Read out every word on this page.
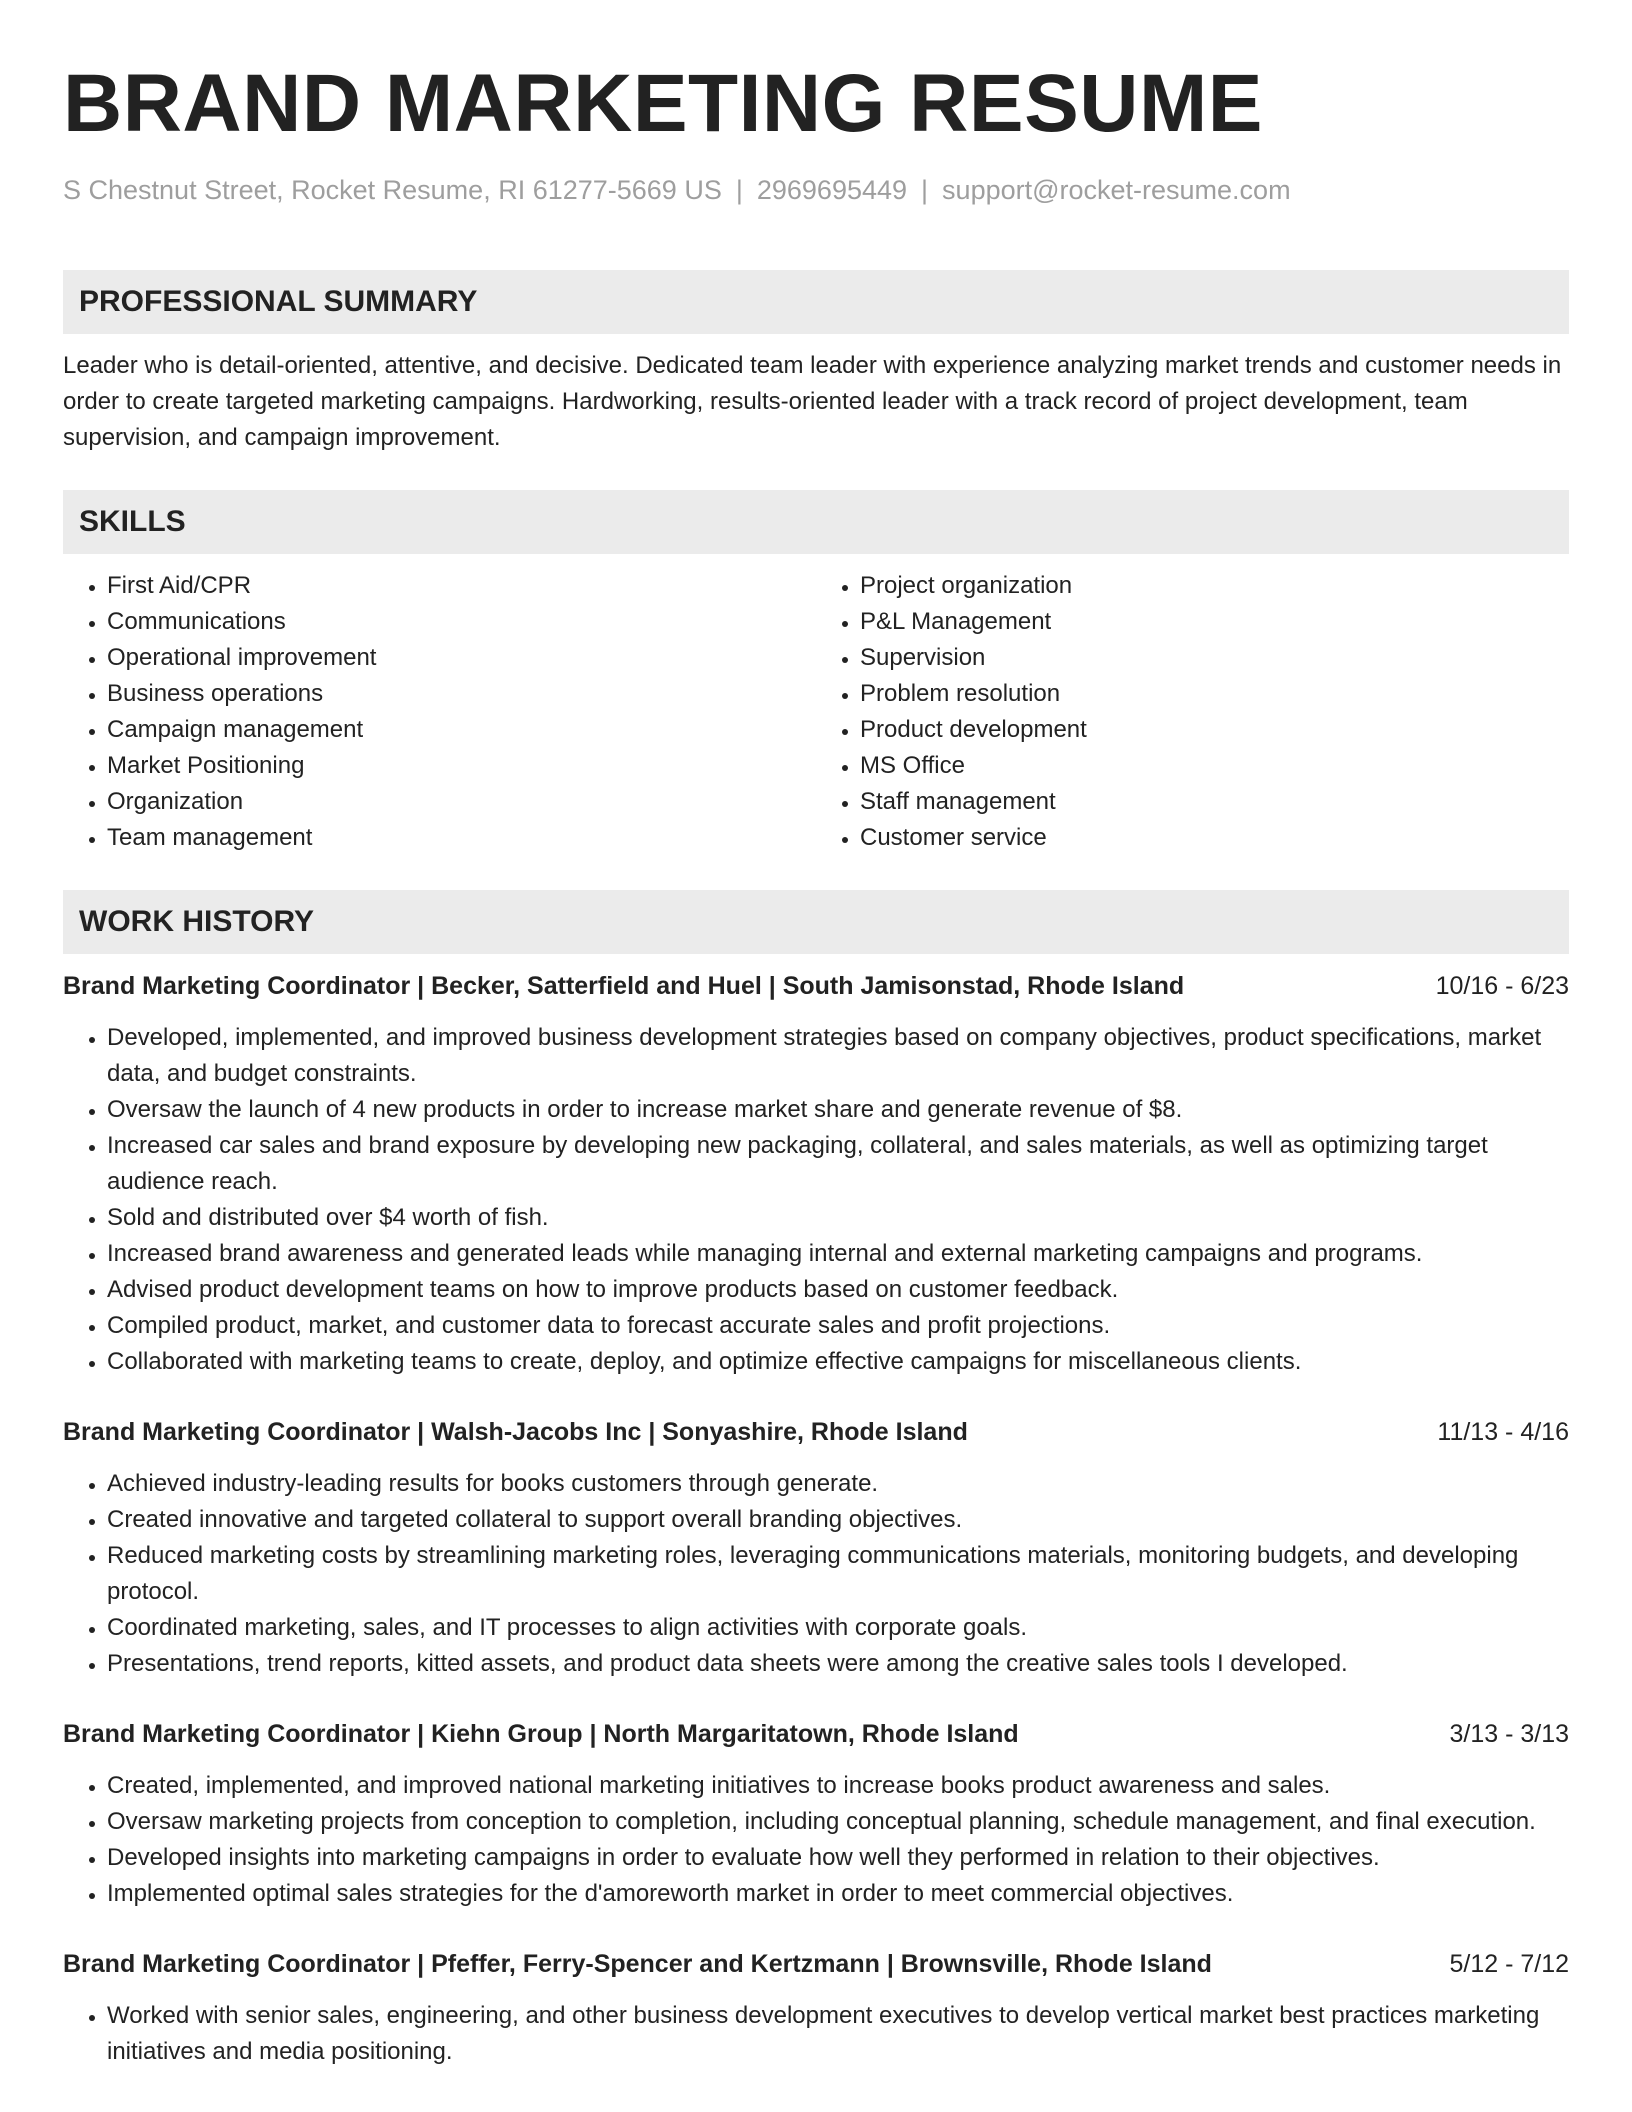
BRAND MARKETING RESUME
S Chestnut Street, Rocket Resume, RI 61277-5669 US | 2969695449 | support@rocket-resume.com
PROFESSIONAL SUMMARY
Leader who is detail-oriented, attentive, and decisive. Dedicated team leader with experience analyzing market trends and customer needs in order to create targeted marketing campaigns. Hardworking, results-oriented leader with a track record of project development, team supervision, and campaign improvement.
SKILLS
• First Aid/CPR
• Communications
• Operational improvement
• Business operations
• Campaign management
• Market Positioning
• Organization
• Team management
• Project organization
• P&L Management
• Supervision
• Problem resolution
• Product development
• MS Office
• Staff management
• Customer service
WORK HISTORY
Brand Marketing Coordinator | Becker, Satterfield and Huel | South Jamisonstad, Rhode Island	10/16 - 6/23
• Developed, implemented, and improved business development strategies based on company objectives, product specifications, market data, and budget constraints.
• Oversaw the launch of 4 new products in order to increase market share and generate revenue of $8.
• Increased car sales and brand exposure by developing new packaging, collateral, and sales materials, as well as optimizing target audience reach.
• Sold and distributed over $4 worth of fish.
• Increased brand awareness and generated leads while managing internal and external marketing campaigns and programs.
• Advised product development teams on how to improve products based on customer feedback.
• Compiled product, market, and customer data to forecast accurate sales and profit projections.
• Collaborated with marketing teams to create, deploy, and optimize effective campaigns for miscellaneous clients.
Brand Marketing Coordinator | Walsh-Jacobs Inc | Sonyashire, Rhode Island	11/13 - 4/16
• Achieved industry-leading results for books customers through generate.
• Created innovative and targeted collateral to support overall branding objectives.
• Reduced marketing costs by streamlining marketing roles, leveraging communications materials, monitoring budgets, and developing protocol.
• Coordinated marketing, sales, and IT processes to align activities with corporate goals.
• Presentations, trend reports, kitted assets, and product data sheets were among the creative sales tools I developed.
Brand Marketing Coordinator | Kiehn Group | North Margaritatown, Rhode Island	3/13 - 3/13
• Created, implemented, and improved national marketing initiatives to increase books product awareness and sales.
• Oversaw marketing projects from conception to completion, including conceptual planning, schedule management, and final execution.
• Developed insights into marketing campaigns in order to evaluate how well they performed in relation to their objectives.
• Implemented optimal sales strategies for the d'amoreworth market in order to meet commercial objectives.
Brand Marketing Coordinator | Pfeffer, Ferry-Spencer and Kertzmann | Brownsville, Rhode Island	5/12 - 7/12
• Worked with senior sales, engineering, and other business development executives to develop vertical market best practices marketing initiatives and media positioning.
